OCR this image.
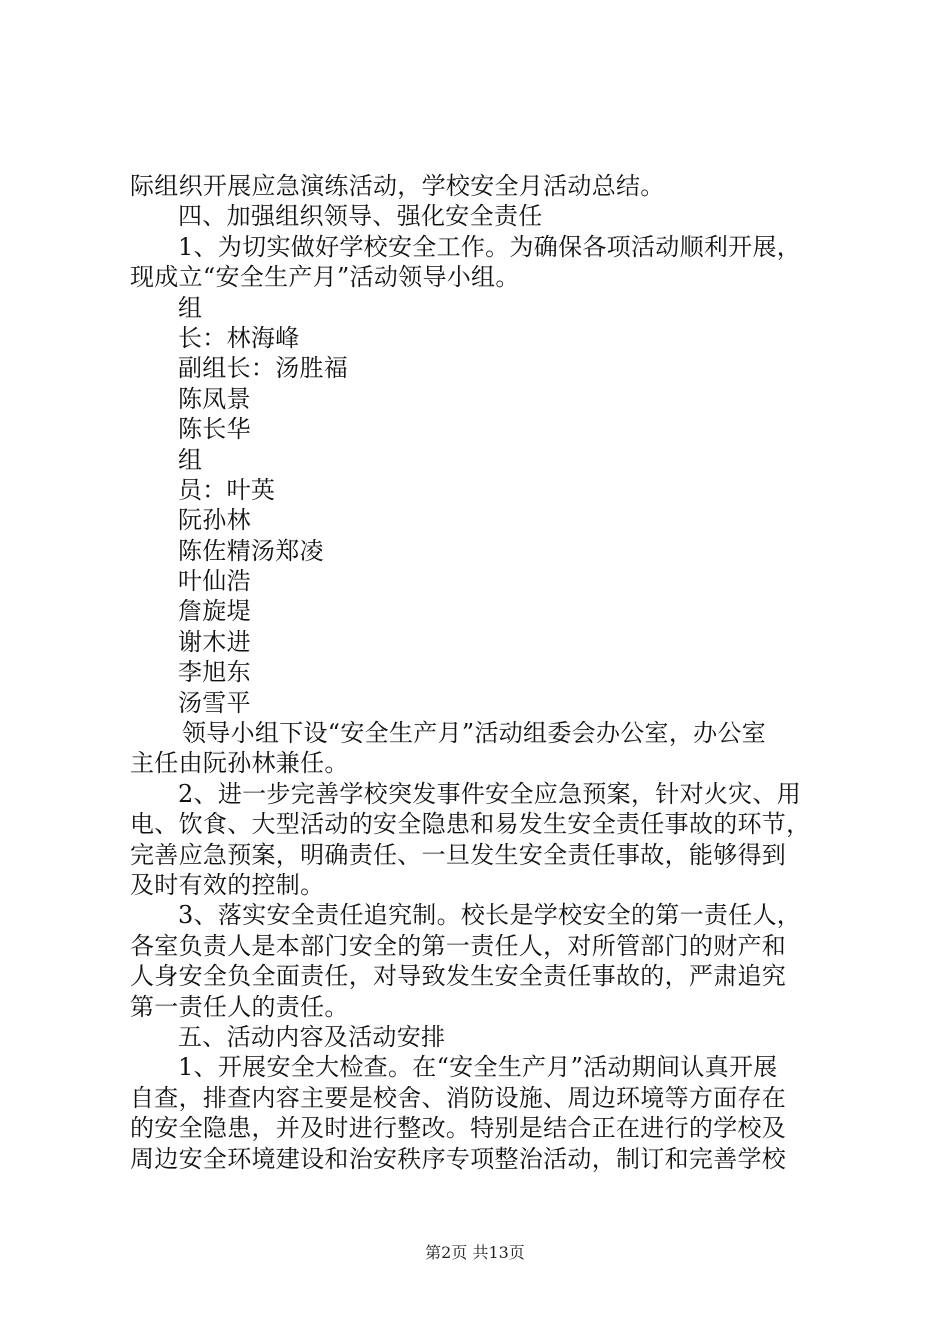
际组织开展应急演练活动，学校安全月活动总结。
四、加强组织领导、强化安全责任
1、为切实做好学校安全工作。为确保各项活动顺利开展，
现成立“安全生产月”活动领导小组。
组
长：林海峰
副组长：汤胜福
陈凤景
陈长华
组
员：叶英
阮孙林
陈佐精汤郑凌
叶仙浩
詹旋堤
谢木进
李旭东
汤雪平
领导小组下设“安全生产月”活动组委会办公室，办公室
主任由阮孙林兼任。
2、进一步完善学校突发事件安全应急预案，针对火灾、用
电、饮食、大型活动的安全隐患和易发生安全责任事故的环节，
完善应急预案，明确责任、一旦发生安全责任事故，能够得到
及时有效的控制。
3、落实安全责任追究制。校长是学校安全的第一责任人，
各室负责人是本部门安全的第一责任人，对所管部门的财产和
人身安全负全面责任，对导致发生安全责任事故的，严肃追究
第一责任人的责任。
五、活动内容及活动安排
1、开展安全大检查。在“安全生产月”活动期间认真开展
自查，排查内容主要是校舍、消防设施、周边环境等方面存在
的安全隐患，并及时进行整改。特别是结合正在进行的学校及
周边安全环境建设和治安秩序专项整治活动，制订和完善学校
第2页 共13页
